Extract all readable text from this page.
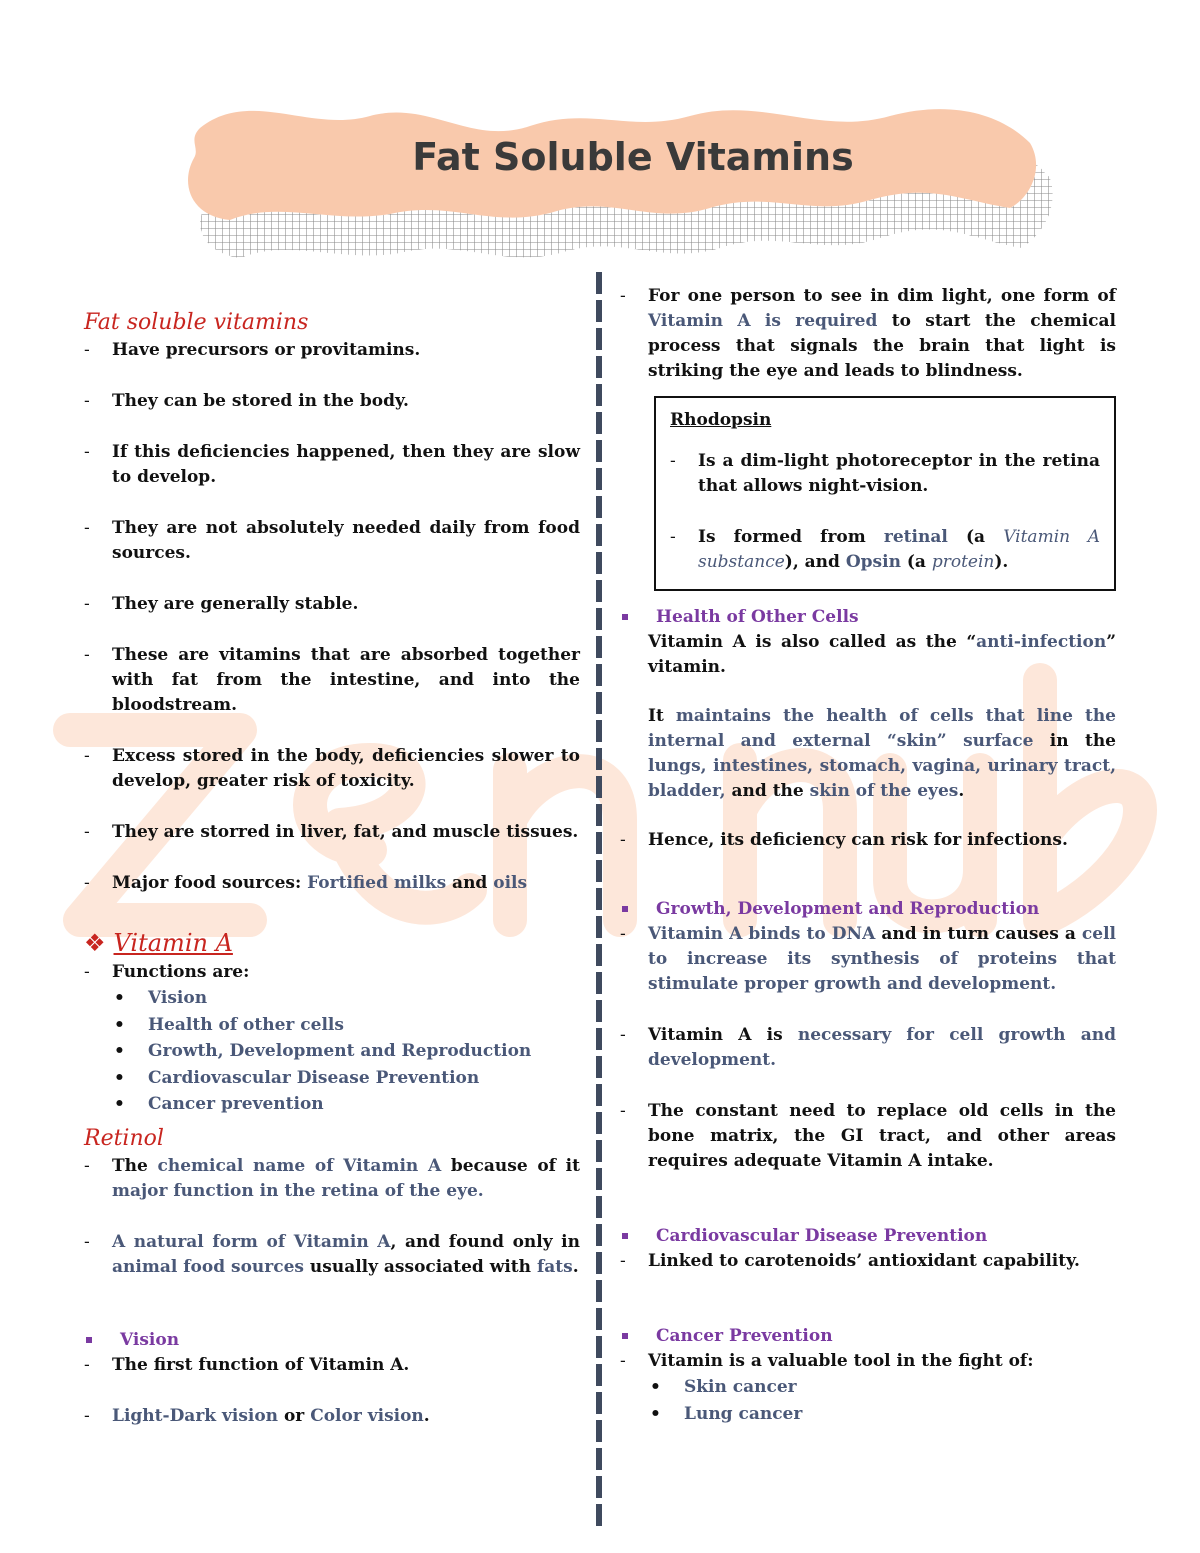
Fat Soluble Vitamins
Fat soluble vitamins
- Have precursors or provitamins.
- They can be stored in the body.
- If this deficiencies happened, then they are slow to develop.
- They are not absolutely needed daily from food sources.
- They are generally stable.
- These are vitamins that are absorbed together with fat from the intestine, and into the bloodstream.
- Excess stored in the body, deficiencies slower to develop, greater risk of toxicity.
- They are storred in liver, fat, and muscle tissues.
- Major food sources: Fortified milks and oils
❖ Vitamin A
- Functions are:
• Vision
• Health of other cells
• Growth, Development and Reproduction
• Cardiovascular Disease Prevention
• Cancer prevention
Retinol
- The chemical name of Vitamin A because of it major function in the retina of the eye.
- A natural form of Vitamin A, and found only in animal food sources usually associated with fats.
Vision
- The first function of Vitamin A.
- Light-Dark vision or Color vision.
- For one person to see in dim light, one form of Vitamin A is required to start the chemical process that signals the brain that light is striking the eye and leads to blindness.
Rhodopsin
- Is a dim-light photoreceptor in the retina that allows night-vision.
- Is formed from retinal (a Vitamin A substance), and Opsin (a protein).
Health of Other Cells
Vitamin A is also called as the “anti-infection” vitamin.
It maintains the health of cells that line the internal and external “skin” surface in the lungs, intestines, stomach, vagina, urinary tract, bladder, and the skin of the eyes.
- Hence, its deficiency can risk for infections.
Growth, Development and Reproduction
- Vitamin A binds to DNA and in turn causes a cell to increase its synthesis of proteins that stimulate proper growth and development.
- Vitamin A is necessary for cell growth and development.
- The constant need to replace old cells in the bone matrix, the GI tract, and other areas requires adequate Vitamin A intake.
Cardiovascular Disease Prevention
- Linked to carotenoids’ antioxidant capability.
Cancer Prevention
- Vitamin is a valuable tool in the fight of:
• Skin cancer
• Lung cancer
